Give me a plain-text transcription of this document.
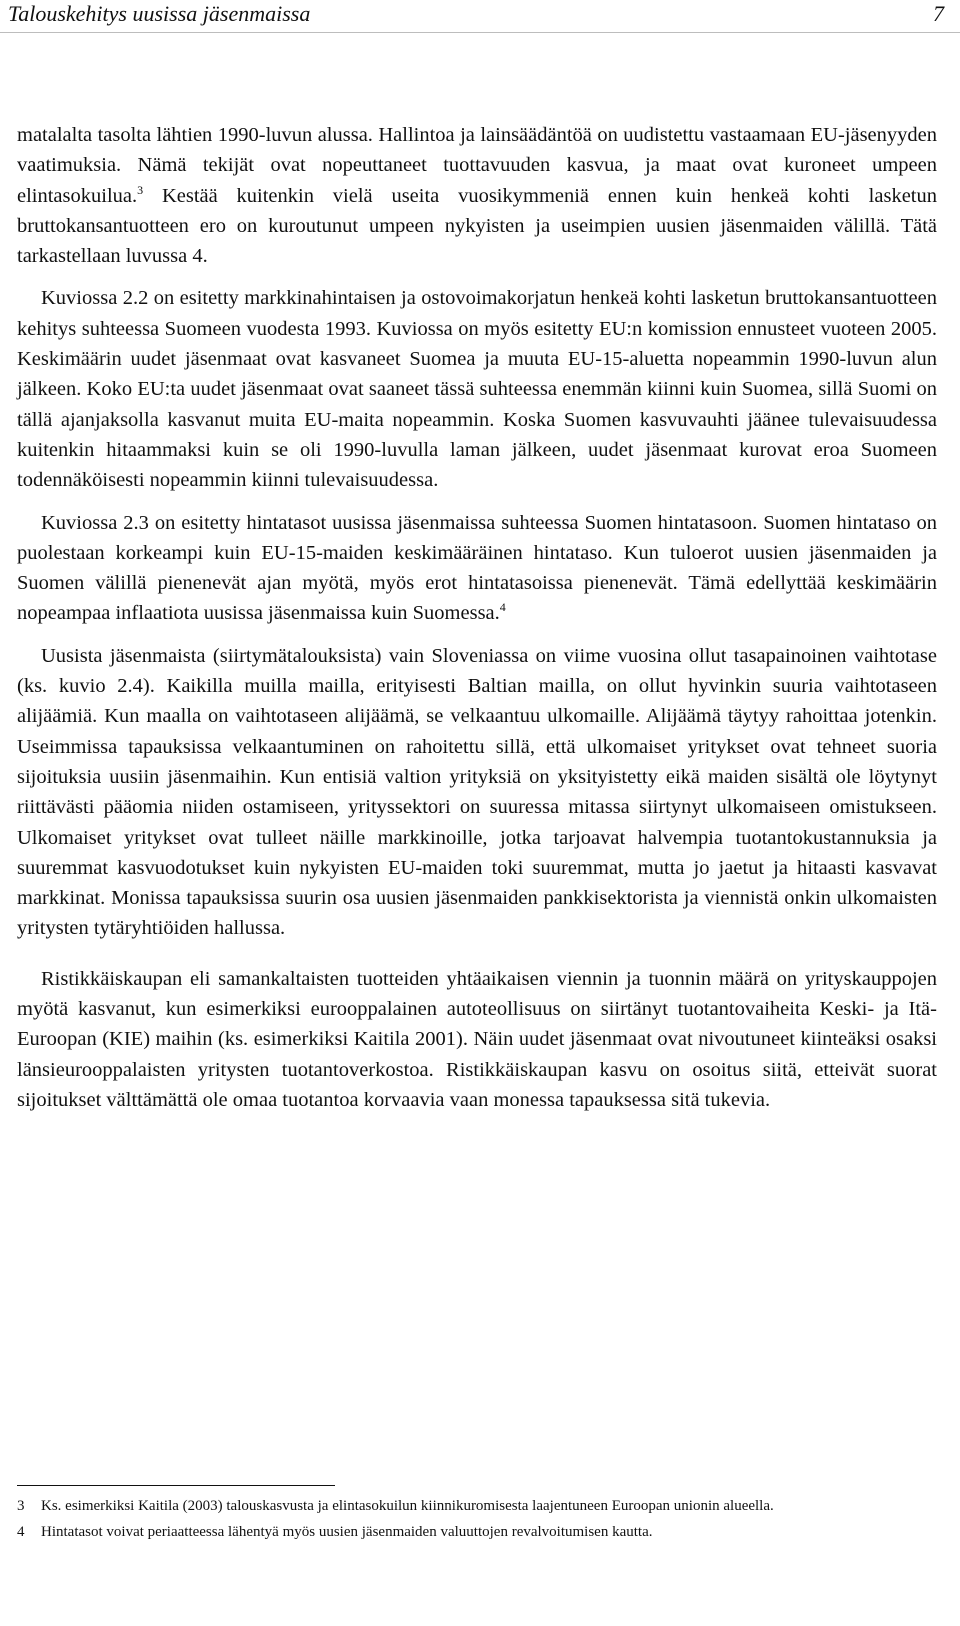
Talouskehitys uusissa jäsenmaissa	7

matalalta tasolta lähtien 1990-luvun alussa. Hallintoa ja lainsäädäntöä on uudistettu vastaamaan EU-jäsenyyden vaatimuksia. Nämä tekijät ovat nopeuttaneet tuottavuuden kasvua, ja maat ovat kuroneet umpeen elintasokuilua.$^3$ Kestää kuitenkin vielä useita vuosikymmeniä ennen kuin henkeä kohti lasketun bruttokansantuotteen ero on kuroutunut umpeen nykyisten ja useimpien uusien jäsenmaiden välillä. Tätä tarkastellaan luvussa 4.

Kuviossa 2.2 on esitetty markkinahintaisen ja ostovoimakorjatun henkeä kohti lasketun bruttokansantuotteen kehitys suhteessa Suomeen vuodesta 1993. Kuviossa on myös esitetty EU:n komission ennusteet vuoteen 2005. Keskimäärin uudet jäsenmaat ovat kasvaneet Suomea ja muuta EU-15-aluetta nopeammin 1990-luvun alun jälkeen. Koko EU:ta uudet jäsenmaat ovat saaneet tässä suhteessa enemmän kiinni kuin Suomea, sillä Suomi on tällä ajanjaksolla kasvanut muita EU-maita nopeammin. Koska Suomen kasvuvauhti jäänee tulevaisuudessa kuitenkin hitaammaksi kuin se oli 1990-luvulla laman jälkeen, uudet jäsenmaat kurovat eroa Suomeen todennäköisesti nopeammin kiinni tulevaisuudessa.

Kuviossa 2.3 on esitetty hintatasot uusissa jäsenmaissa suhteessa Suomen hintatasoon. Suomen hintataso on puolestaan korkeampi kuin EU-15-maiden keskimääräinen hintataso. Kun tuloerot uusien jäsenmaiden ja Suomen välillä pienenevät ajan myötä, myös erot hintatasoissa pienenevät. Tämä edellyttää keskimäärin nopeampaa inflaatiota uusissa jäsenmaissa kuin Suomessa.$^4$

Uusista jäsenmaista (siirtymätalouksista) vain Sloveniassa on viime vuosina ollut tasapainoinen vaihtotase (ks. kuvio 2.4). Kaikilla muilla mailla, erityisesti Baltian mailla, on ollut hyvinkin suuria vaihtotaseen alijäämiä. Kun maalla on vaihtotaseen alijäämä, se velkaantuu ulkomaille. Alijäämä täytyy rahoittaa jotenkin. Useimmissa tapauksissa velkaantuminen on rahoitettu sillä, että ulkomaiset yritykset ovat tehneet suoria sijoituksia uusiin jäsenmaihin. Kun entisiä valtion yrityksiä on yksityistetty eikä maiden sisältä ole löytynyt riittävästi pääomia niiden ostamiseen, yrityssektori on suuressa mitassa siirtynyt ulkomaiseen omistukseen. Ulkomaiset yritykset ovat tulleet näille markkinoille, jotka tarjoavat halvempia tuotantokustannuksia ja suuremmat kasvuodotukset kuin nykyisten EU-maiden toki suuremmat, mutta jo jaetut ja hitaasti kasvavat markkinat. Monissa tapauksissa suurin osa uusien jäsenmaiden pankkisektorista ja viennistä onkin ulkomaisten yritysten tytäryhtiöiden hallussa.

Ristikkäiskaupan eli samankaltaisten tuotteiden yhtäaikaisen viennin ja tuonnin määrä on yrityskauppojen myötä kasvanut, kun esimerkiksi eurooppalainen autoteollisuus on siirtänyt tuotantovaiheita Keski- ja Itä-Euroopan (KIE) maihin (ks. esimerkiksi Kaitila 2001). Näin uudet jäsenmaat ovat nivoutuneet kiinteäksi osaksi länsieurooppalaisten yritysten tuotantoverkostoa. Ristikkäiskaupan kasvu on osoitus siitä, etteivät suorat sijoitukset välttämättä ole omaa tuotantoa korvaavia vaan monessa tapauksessa sitä tukevia.

3 Ks. esimerkiksi Kaitila (2003) talouskasvusta ja elintasokuilun kiinnikuromisesta laajentuneen Euroopan unionin alueella.
4 Hintatasot voivat periaatteessa lähentyä myös uusien jäsenmaiden valuuttojen revalvoitumisen kautta.
